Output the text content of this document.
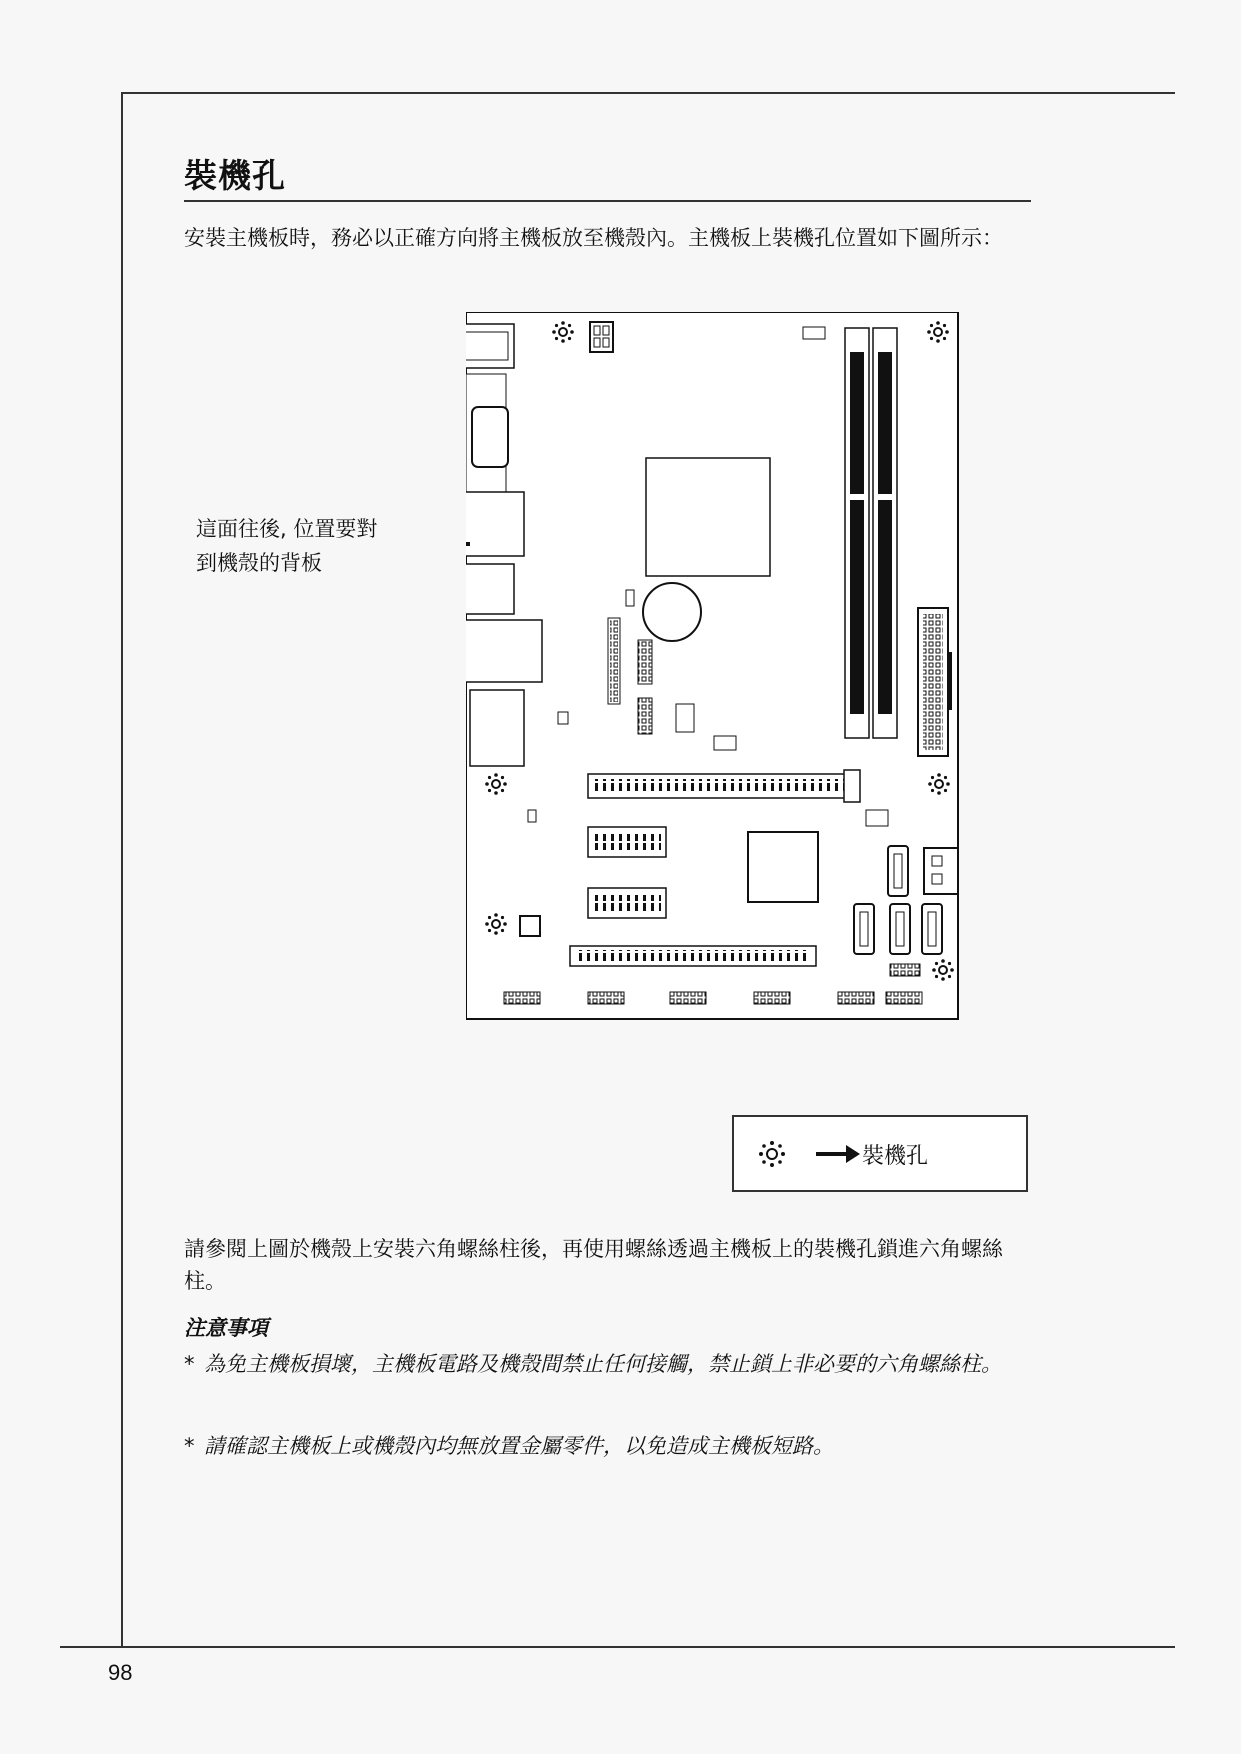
裝機孔
安裝主機板時，務必以正確方向將主機板放至機殼內。主機板上裝機孔位置如下圖所示：
這面往後, 位置要對到機殼的背板
裝機孔
請參閱上圖於機殼上安裝六角螺絲柱後，再使用螺絲透過主機板上的裝機孔鎖進六角螺絲柱。
注意事項
* 為免主機板損壞，主機板電路及機殼間禁止任何接觸，禁止鎖上非必要的六角螺絲柱。
* 請確認主機板上或機殼內均無放置金屬零件，以免造成主機板短路。
98
